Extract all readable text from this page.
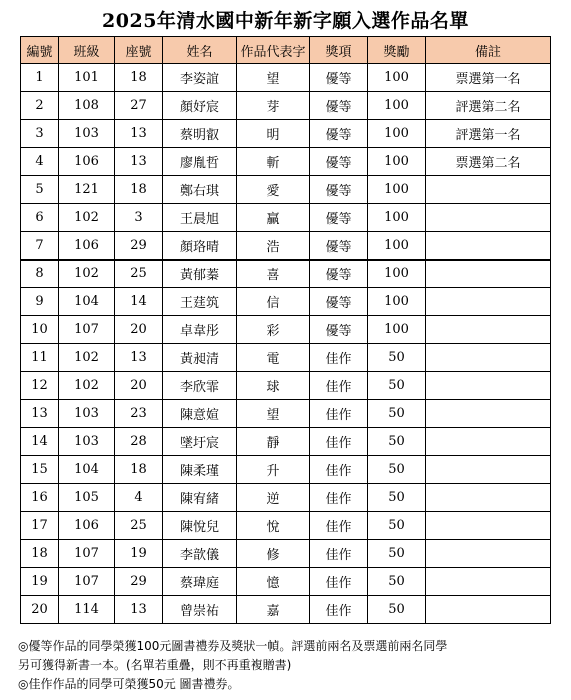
2025年清水國中新年新字願入選作品名單
編號	班級	座號	姓名	作品代表字	獎項	獎勵	備註
1	101	18	李姿誼	望	優等	100	票選第一名
2	108	27	顏妤宸	芽	優等	100	評選第二名
3	103	13	蔡明叡	明	優等	100	評選第一名
4	106	13	廖胤哲	斬	優等	100	票選第二名
5	121	18	鄭右琪	愛	優等	100	
6	102	3	王晨旭	贏	優等	100	
7	106	29	顏珞晴	浩	優等	100	
8	102	25	黃郁蓁	喜	優等	100	
9	104	14	王莛筑	信	優等	100	
10	107	20	卓韋彤	彩	優等	100	
11	102	13	黃昶清	電	佳作	50	
12	102	20	李欣霏	球	佳作	50	
13	103	23	陳意媗	望	佳作	50	
14	103	28	墜圩宸	靜	佳作	50	
15	104	18	陳柔瑾	升	佳作	50	
16	105	4	陳宥緒	逆	佳作	50	
17	106	25	陳悅兒	悅	佳作	50	
18	107	19	李歆儀	修	佳作	50	
19	107	29	蔡瑋庭	憶	佳作	50	
20	114	13	曾崇祐	嘉	佳作	50	

◎優等作品的同學榮獲100元圖書禮券及獎狀一幀。評選前兩名及票選前兩名同學

另可獲得新書一本。(名單若重疊，則不再重複贈書)

◎佳作作品的同學可榮獲50元 圖書禮券。
